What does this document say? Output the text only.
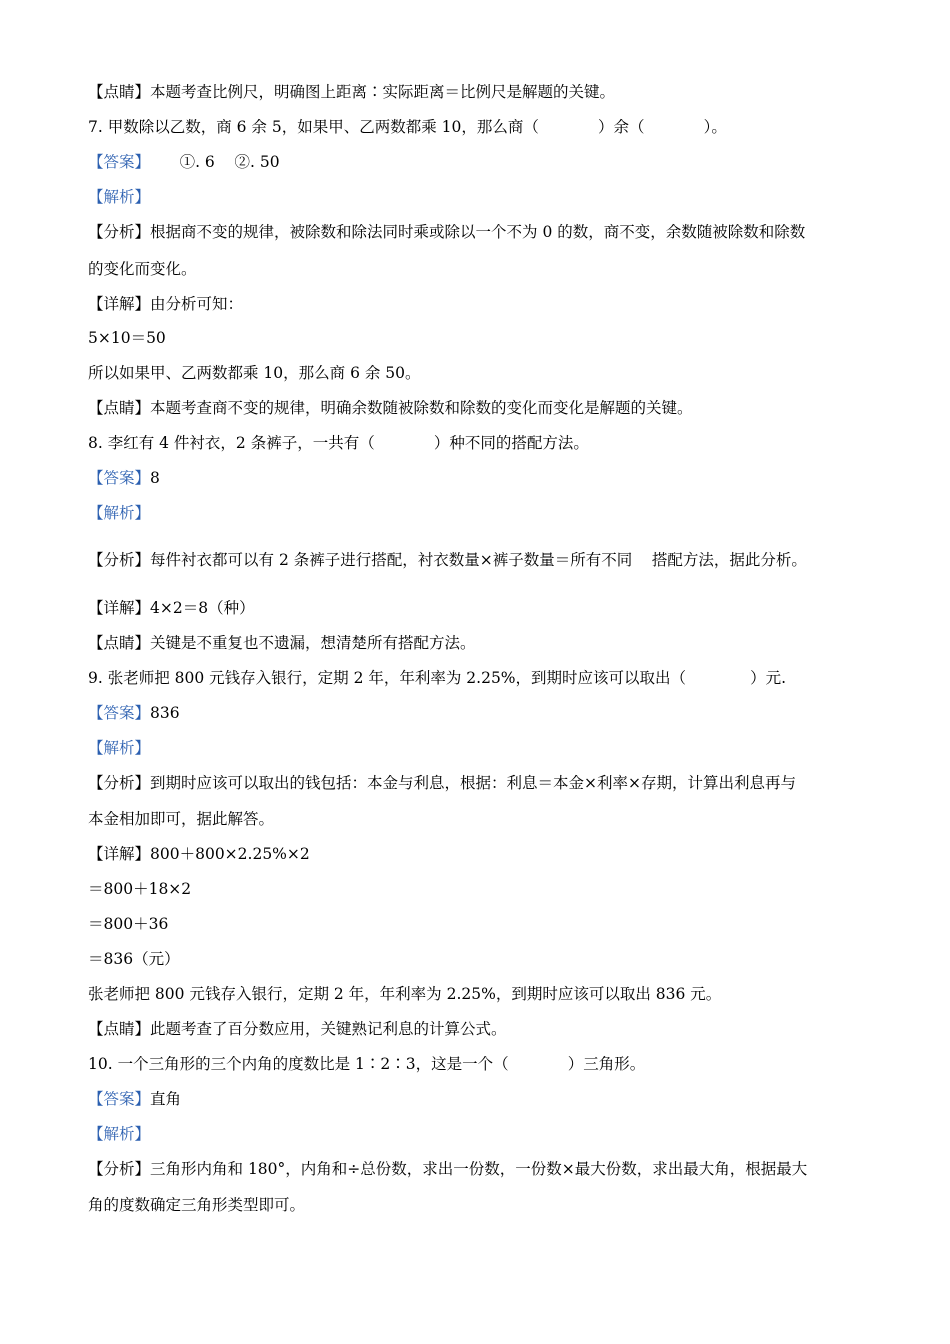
【点睛】本题考查比例尺，明确图上距离∶实际距离＝比例尺是解题的关键。
7. 甲数除以乙数，商 6 余 5，如果甲、乙两数都乘 10，那么商（            ）余（            ）。
【答案】      ①. 6    ②. 50
【解析】
【分析】根据商不变的规律，被除数和除法同时乘或除以一个不为 0 的数，商不变，余数随被除数和除数
的变化而变化。
【详解】由分析可知：
5×10＝50
所以如果甲、乙两数都乘 10，那么商 6 余 50。
【点睛】本题考查商不变的规律，明确余数随被除数和除数的变化而变化是解题的关键。
8. 李红有 4 件衬衣，2 条裤子，一共有（            ）种不同的搭配方法。
【答案】8
【解析】
【分析】每件衬衣都可以有 2 条裤子进行搭配，衬衣数量×裤子数量＝所有不同    搭配方法，据此分析。
【详解】4×2＝8（种）
【点睛】关键是不重复也不遗漏，想清楚所有搭配方法。
9. 张老师把 800 元钱存入银行，定期 2 年，年利率为 2.25%，到期时应该可以取出（             ）元.
【答案】836
【解析】
【分析】到期时应该可以取出的钱包括：本金与利息，根据：利息＝本金×利率×存期，计算出利息再与
本金相加即可，据此解答。
【详解】800＋800×2.25%×2
＝800＋18×2
＝800＋36
＝836（元）
张老师把 800 元钱存入银行，定期 2 年，年利率为 2.25%，到期时应该可以取出 836 元。
【点睛】此题考查了百分数应用，关键熟记利息的计算公式。
10. 一个三角形的三个内角的度数比是 1∶2∶3，这是一个（            ）三角形。
【答案】直角
【解析】
【分析】三角形内角和 180°，内角和÷总份数，求出一份数，一份数×最大份数，求出最大角，根据最大
角的度数确定三角形类型即可。
